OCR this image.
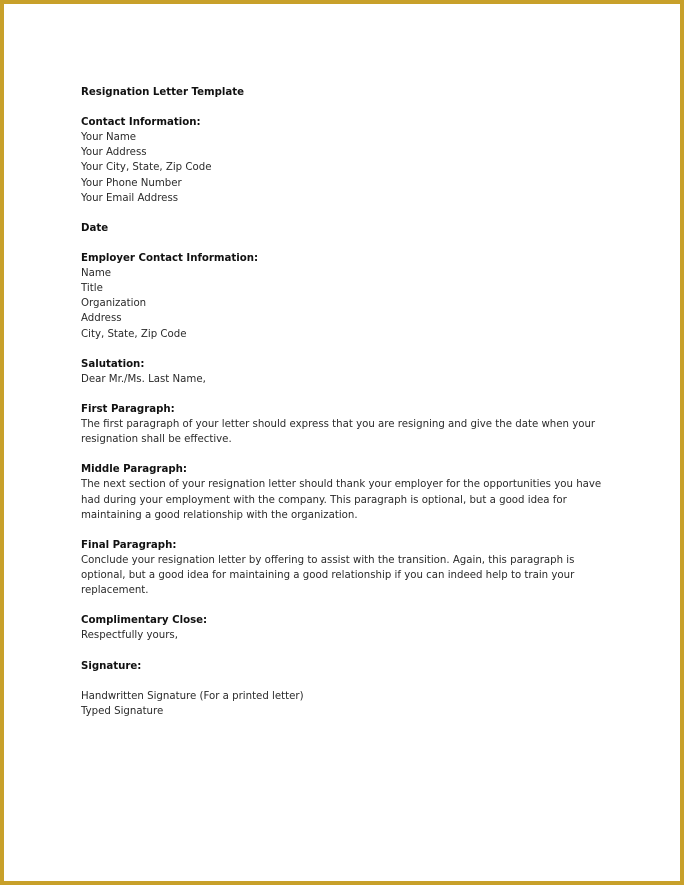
Resignation Letter Template
Contact Information:
Your Name
Your Address
Your City, State, Zip Code
Your Phone Number
Your Email Address
Date
Employer Contact Information:
Name
Title
Organization
Address
City, State, Zip Code
Salutation:
Dear Mr./Ms. Last Name,
First Paragraph:
The first paragraph of your letter should express that you are resigning and give the date when your
resignation shall be effective.
Middle Paragraph:
The next section of your resignation letter should thank your employer for the opportunities you have
had during your employment with the company. This paragraph is optional, but a good idea for
maintaining a good relationship with the organization.
Final Paragraph:
Conclude your resignation letter by offering to assist with the transition. Again, this paragraph is
optional, but a good idea for maintaining a good relationship if you can indeed help to train your
replacement.
Complimentary Close:
Respectfully yours,
Signature:
Handwritten Signature (For a printed letter)
Typed Signature
